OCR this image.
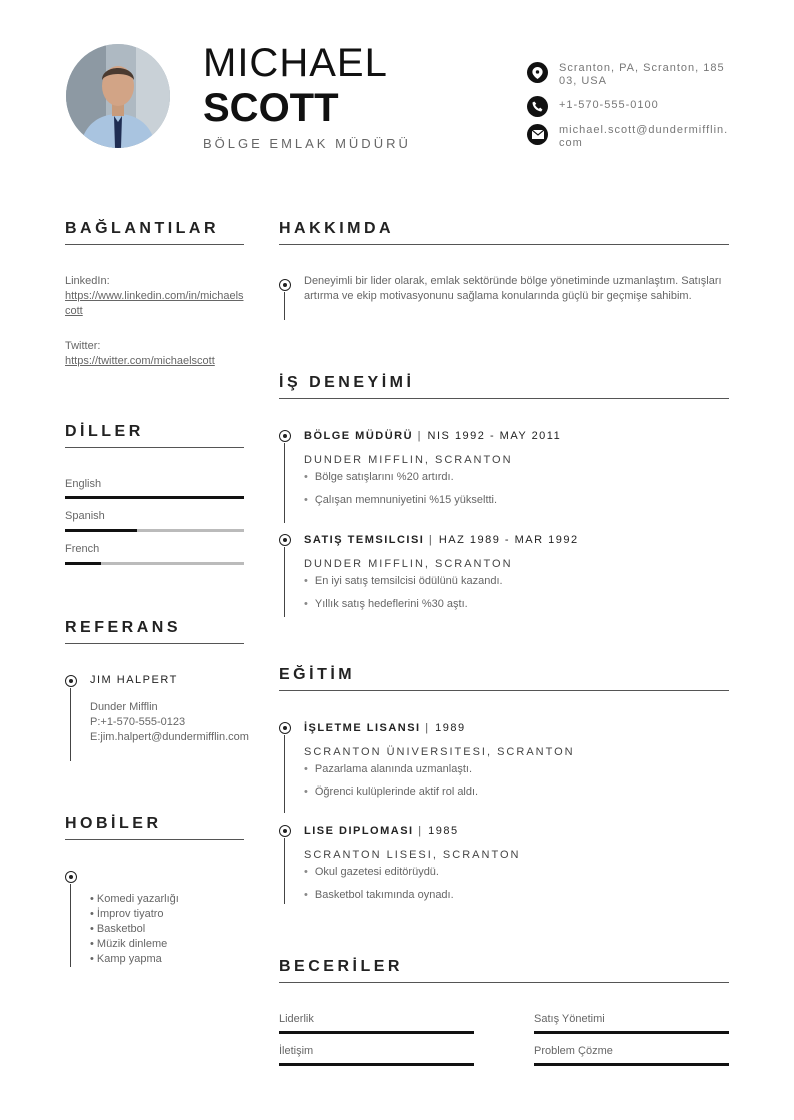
MICHAEL
SCOTT
BÖLGE EMLAK MÜDÜRÜ
Scranton, PA, Scranton, 18503, USA
+1-570-555-0100
michael.scott@dundermifflin.com
BAĞLANTILAR
LinkedIn:
https://www.linkedin.com/in/michaelscott
Twitter:
https://twitter.com/michaelscott
DİLLER
English
Spanish
French
REFERANS
JIM HALPERT
Dunder Mifflin
P:+1-570-555-0123
E:jim.halpert@dundermifflin.com
HOBİLER
• Komedi yazarlığı
• İmprov tiyatro
• Basketbol
• Müzik dinleme
• Kamp yapma
HAKKIMDA
Deneyimli bir lider olarak, emlak sektöründe bölge yönetiminde uzmanlaştım. Satışları artırma ve ekip motivasyonunu sağlama konularında güçlü bir geçmişe sahibim.
İŞ DENEYİMİ
BÖLGE MÜDÜRÜ | NIS 1992 - MAY 2011
DUNDER MIFFLIN, SCRANTON
• Bölge satışlarını %20 artırdı.
• Çalışan memnuniyetini %15 yükseltti.
SATIŞ TEMSILCISI | HAZ 1989 - MAR 1992
DUNDER MIFFLIN, SCRANTON
• En iyi satış temsilcisi ödülünü kazandı.
• Yıllık satış hedeflerini %30 aştı.
EĞİTİM
İŞLETME LISANSI | 1989
SCRANTON ÜNIVERSITESI, SCRANTON
• Pazarlama alanında uzmanlaştı.
• Öğrenci kulüplerinde aktif rol aldı.
LISE DIPLOMASI | 1985
SCRANTON LISESI, SCRANTON
• Okul gazetesi editörüydü.
• Basketbol takımında oynadı.
BECERİLER
Liderlik	Satış Yönetimi
İletişim	Problem Çözme
